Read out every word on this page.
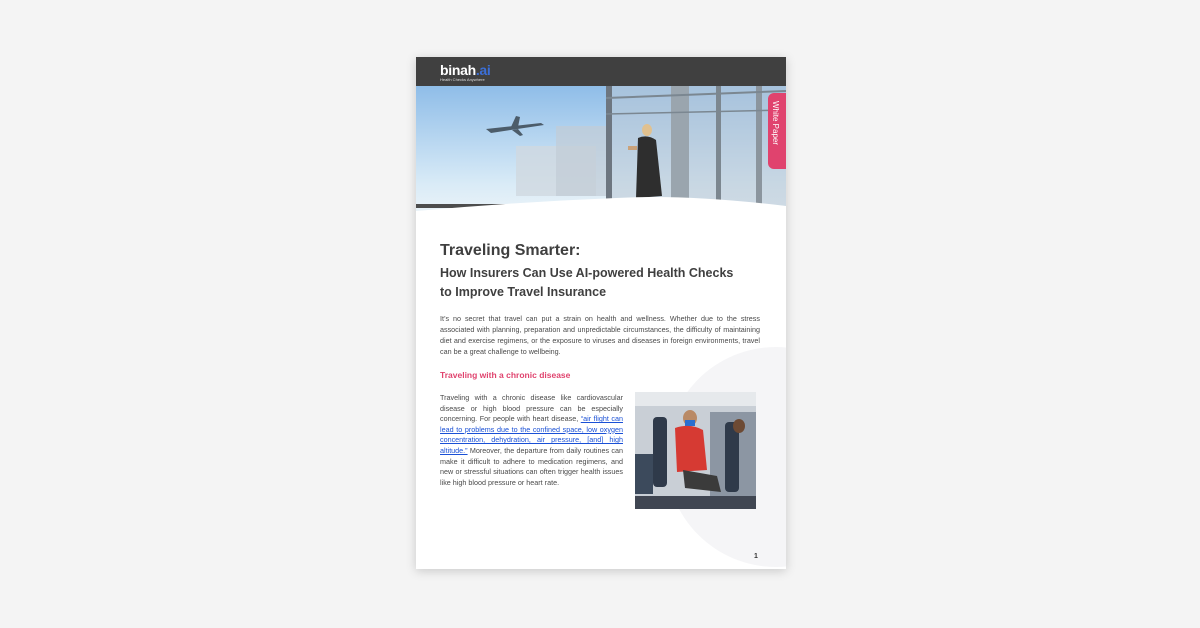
binah.ai
Health Checks Anywhere
White Paper
Traveling Smarter:
How Insurers Can Use AI-powered Health Checks to Improve Travel Insurance
It’s no secret that travel can put a strain on health and wellness. Whether due to the stress associated with planning, preparation and unpredictable circumstances, the difficulty of maintaining diet and exercise regimens, or the exposure to viruses and diseases in foreign environments, travel can be a great challenge to wellbeing.
Traveling with a chronic disease
Traveling with a chronic disease like cardiovascular disease or high blood pressure can be especially concerning. For people with heart disease, “air flight can lead to problems due to the confined space, low oxygen concentration, dehydration, air pressure, [and] high altitude.” Moreover, the departure from daily routines can make it difficult to adhere to medication regimens, and new or stressful situations can often trigger health issues like high blood pressure or heart rate.
1
